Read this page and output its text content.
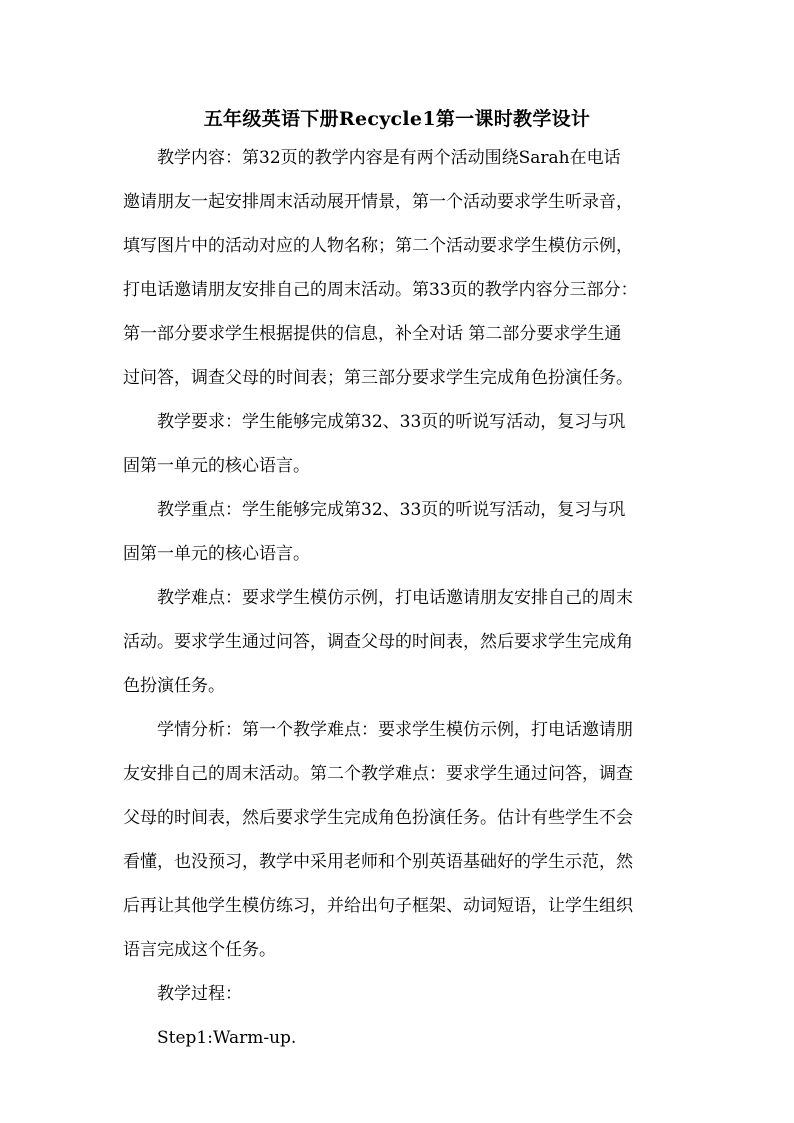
五年级英语下册Recycle1第一课时教学设计
教学内容：第32页的教学内容是有两个活动围绕Sarah在电话
邀请朋友一起安排周末活动展开情景，第一个活动要求学生听录音，
填写图片中的活动对应的人物名称；第二个活动要求学生模仿示例，
打电话邀请朋友安排自己的周末活动。第33页的教学内容分三部分：
第一部分要求学生根据提供的信息，补全对话 第二部分要求学生通
过问答，调查父母的时间表；第三部分要求学生完成角色扮演任务。
教学要求：学生能够完成第32、33页的听说写活动，复习与巩
固第一单元的核心语言。
教学重点：学生能够完成第32、33页的听说写活动，复习与巩
固第一单元的核心语言。
教学难点：要求学生模仿示例，打电话邀请朋友安排自己的周末
活动。要求学生通过问答，调查父母的时间表，然后要求学生完成角
色扮演任务。
学情分析：第一个教学难点：要求学生模仿示例，打电话邀请朋
友安排自己的周末活动。第二个教学难点：要求学生通过问答，调查
父母的时间表，然后要求学生完成角色扮演任务。估计有些学生不会
看懂，也没预习，教学中采用老师和个别英语基础好的学生示范，然
后再让其他学生模仿练习，并给出句子框架、动词短语，让学生组织
语言完成这个任务。
教学过程：
Step1:Warm-up.
